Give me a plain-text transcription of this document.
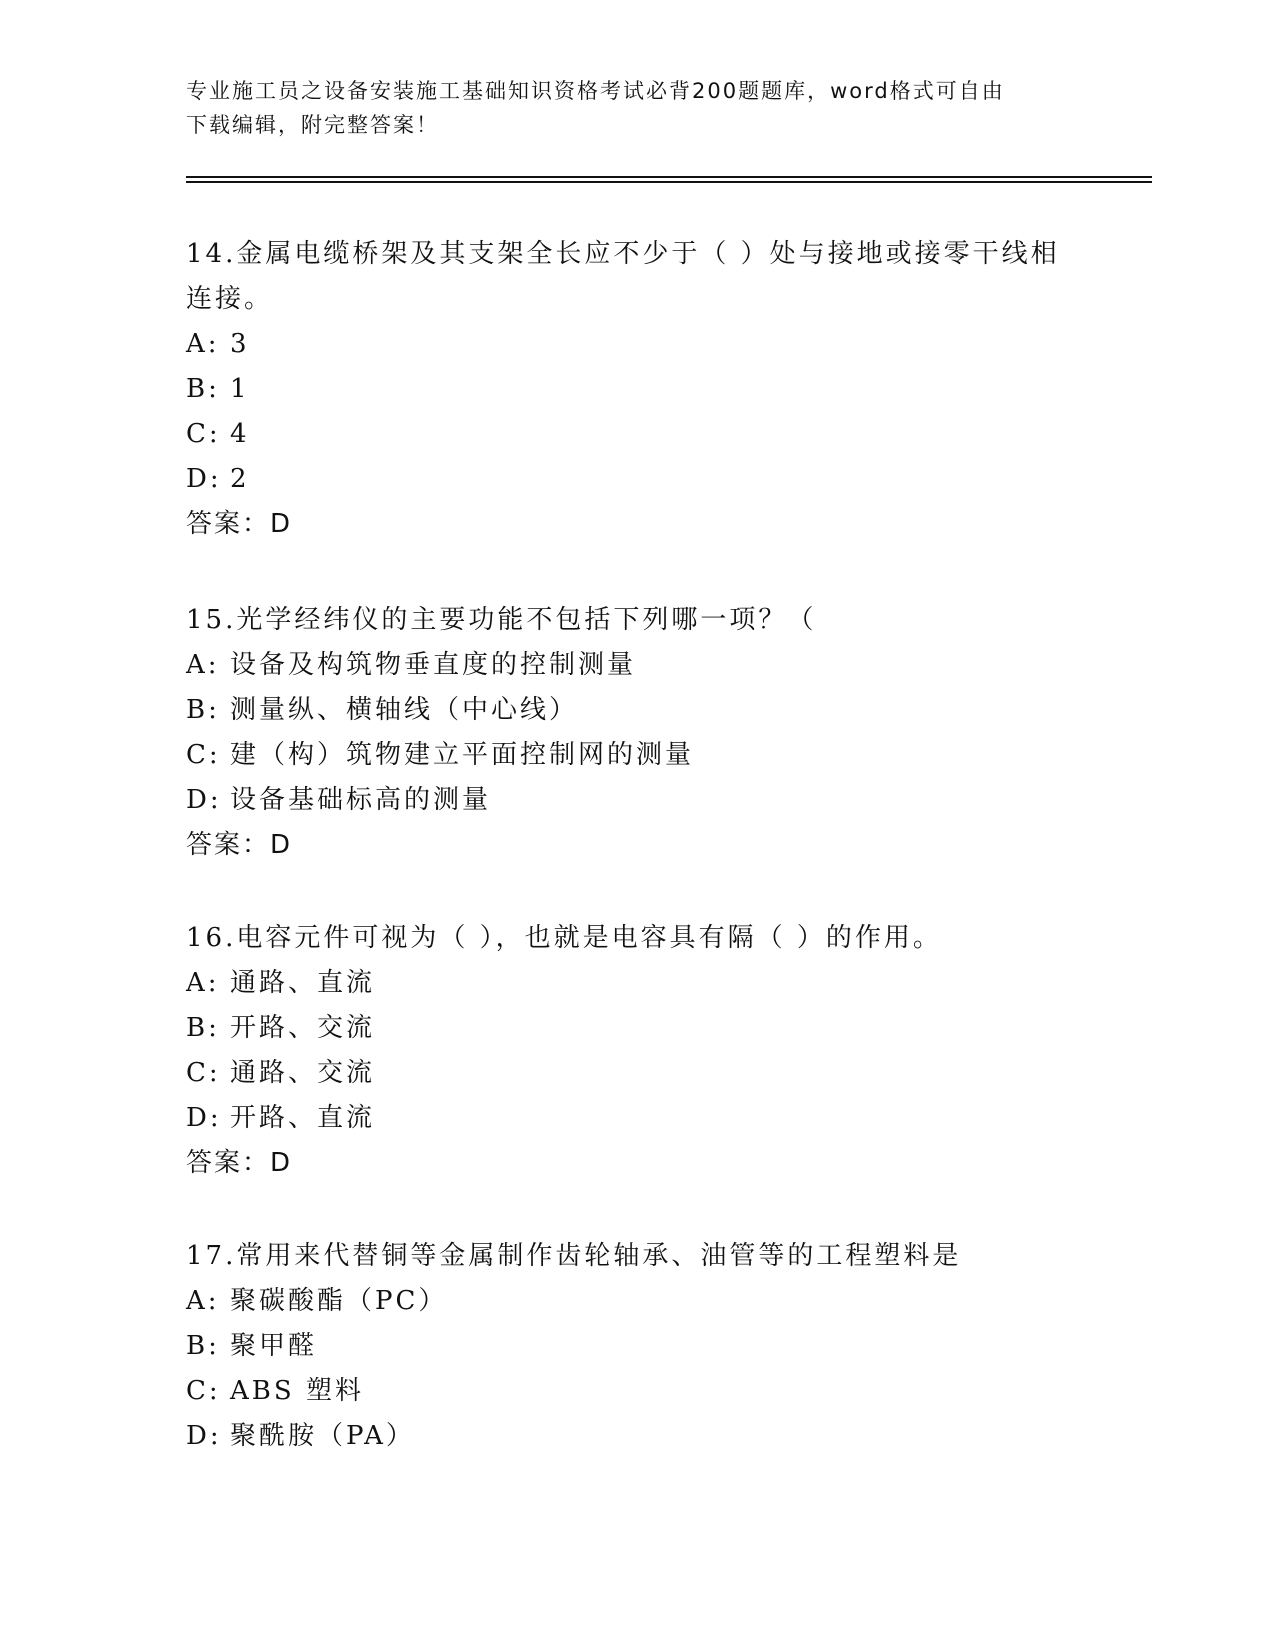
专业施工员之设备安装施工基础知识资格考试必背200题题库，word格式可自由
下载编辑，附完整答案！

14.金属电缆桥架及其支架全长应不少于（ ）处与接地或接零干线相

连接。

A: 3

B: 1

C: 4

D: 2

答案：D

15.光学经纬仪的主要功能不包括下列哪一项？（

A: 设备及构筑物垂直度的控制测量

B: 测量纵、横轴线（中心线）

C: 建（构）筑物建立平面控制网的测量

D: 设备基础标高的测量

答案：D

16.电容元件可视为（ ），也就是电容具有隔（ ）的作用。

A: 通路、直流

B: 开路、交流

C: 通路、交流

D: 开路、直流

答案：D

17.常用来代替铜等金属制作齿轮轴承、油管等的工程塑料是

A: 聚碳酸酯（PC）

B: 聚甲醛

C: ABS 塑料

D: 聚酰胺（PA）
